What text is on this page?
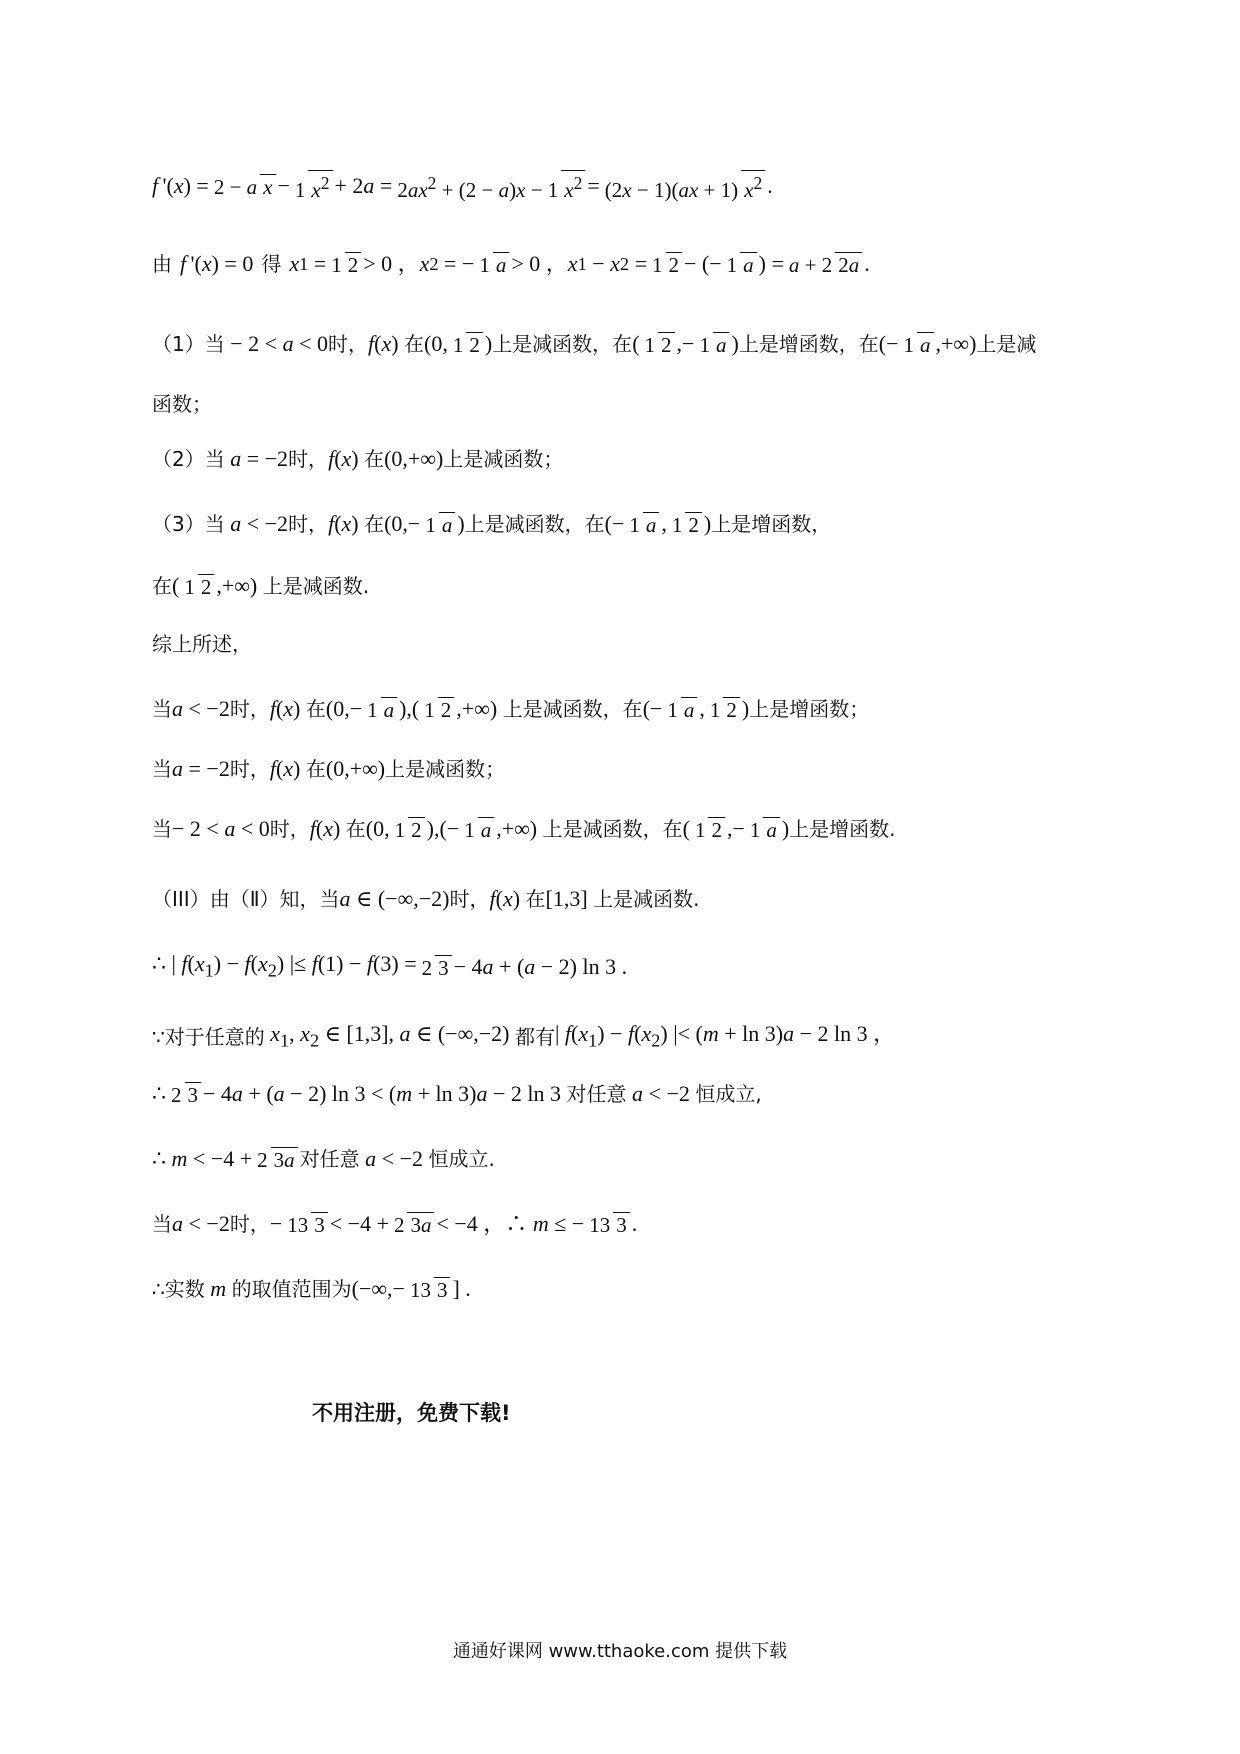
f  '( x ) = 2 − a x − 1 $x^2 + 2a = 2ax^2 + (2 - a)x - 1$ $x^2 = (2x - 1)(ax + 1)$ $x^2$ .
由 f  '( x ) = 0 得 x 1 = 1 2 > 0 ， x 2 = − 1 a > 0 ， x 1 − x 2 = 1 2 − (− 1 a ) = a + 2 2a .
（1）当 − 2 < a < 0 时， f ( x ) 在 (0, 1 2 ) 上是减函数，在 ( 1 2 ,− 1 a ) 上是增函数，在 (− 1 a ,+∞) 上是减
函数；
（2）当 a = −2 时， f ( x ) 在 (0,+∞) 上是减函数；
（3）当 a < −2 时， f ( x ) 在 (0,− 1 a ) 上是减函数，在 (− 1 a , 1 2 ) 上是增函数，
在 ( 1 2 ,+∞) 上是减函数.
综上所述，
当 a < −2 时， f ( x ) 在 (0,− 1 a ),( 1 2 ,+∞) 上是减函数，在 (− 1 a , 1 2 ) 上是增函数；
当 a = −2 时， f ( x ) 在 (0,+∞) 上是减函数；
当 − 2 < a < 0 时， f ( x ) 在 (0, 1 2 ),(− 1 a ,+∞) 上是减函数，在 ( 1 2 ,− 1 a ) 上是增函数.
（III）由（Ⅱ）知，当 a ∈ (−∞,−2) 时， f ( x ) 在 [1,3] 上是减函数.
∴ | $f(x_1) - f(x_2)$ |≤ f(1) − f(3) = 2 3 − 4a + (a − 2) ln 3 .
∵对于任意的 $x_1$, $x_2$ ∈ [1,3], a ∈ (−∞,−2) 都有 | $f(x_1) - f(x_2)$ |< (m + ln 3)a − 2 ln 3 ，
∴ 2 3 − 4a + (a − 2) ln 3 < (m + ln 3)a − 2 ln 3 对任意 a < −2 恒成立,
∴ m < −4 + 2 3a 对任意 a < −2 恒成立.
当 a < −2 时， − 13 3 < −4 + 2 3a < −4 ，∴ m ≤ − 13 3 .
∴实数 m 的取值范围为 (−∞,− 13 3 ] .
不用注册，免费下载!
通通好课网 www.tthaoke.com 提供下载
